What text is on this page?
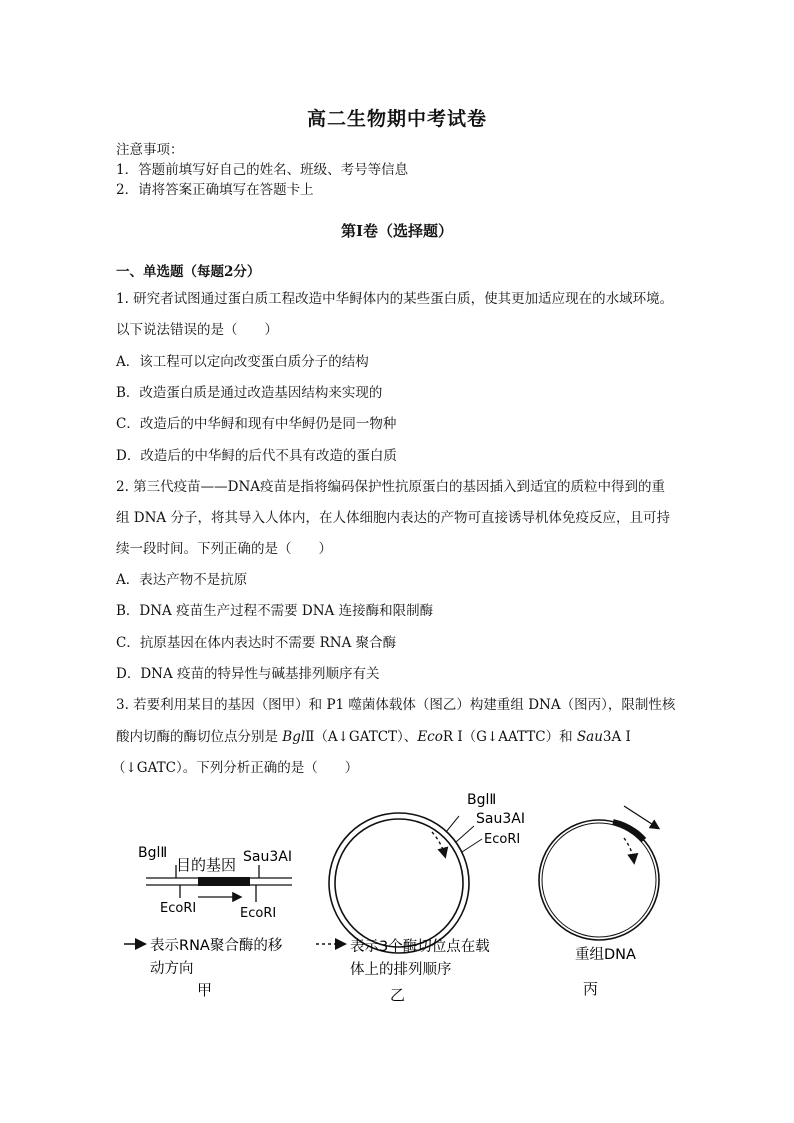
高二生物期中考试卷
注意事项：
1．答题前填写好自己的姓名、班级、考号等信息
2．请将答案正确填写在答题卡上
第I卷（选择题）
一、单选题（每题2分）
1. 研究者试图通过蛋白质工程改造中华鲟体内的某些蛋白质，使其更加适应现在的水域环境。
以下说法错误的是（　　）
A．该工程可以定向改变蛋白质分子的结构
B．改造蛋白质是通过改造基因结构来实现的
C．改造后的中华鲟和现有中华鲟仍是同一物种
D．改造后的中华鲟的后代不具有改造的蛋白质
2. 第三代疫苗——DNA疫苗是指将编码保护性抗原蛋白的基因插入到适宜的质粒中得到的重
组 DNA 分子，将其导入人体内，在人体细胞内表达的产物可直接诱导机体免疫反应，且可持
续一段时间。下列正确的是（　　）
A．表达产物不是抗原
B．DNA 疫苗生产过程不需要 DNA 连接酶和限制酶
C．抗原基因在体内表达时不需要 RNA 聚合酶
D．DNA 疫苗的特异性与碱基排列顺序有关
3. 若要利用某目的基因（图甲）和 P1 噬菌体载体（图乙）构建重组 DNA（图丙），限制性核
酸内切酶的酶切位点分别是 BglⅡ（A↓GATCT）、EcoR Ⅰ（G↓AATTC）和 Sau3A Ⅰ
（↓GATC）。下列分析正确的是（　　）
BglⅡ
目的基因 Sau3AⅠ
EcoRI	EcoRI
表示RNA聚合酶的移
动方向
甲
BglⅡ
Sau3AⅠ
EcoRI
表示3个酶切位点在载
体上的排列顺序
乙
重组DNA
丙
